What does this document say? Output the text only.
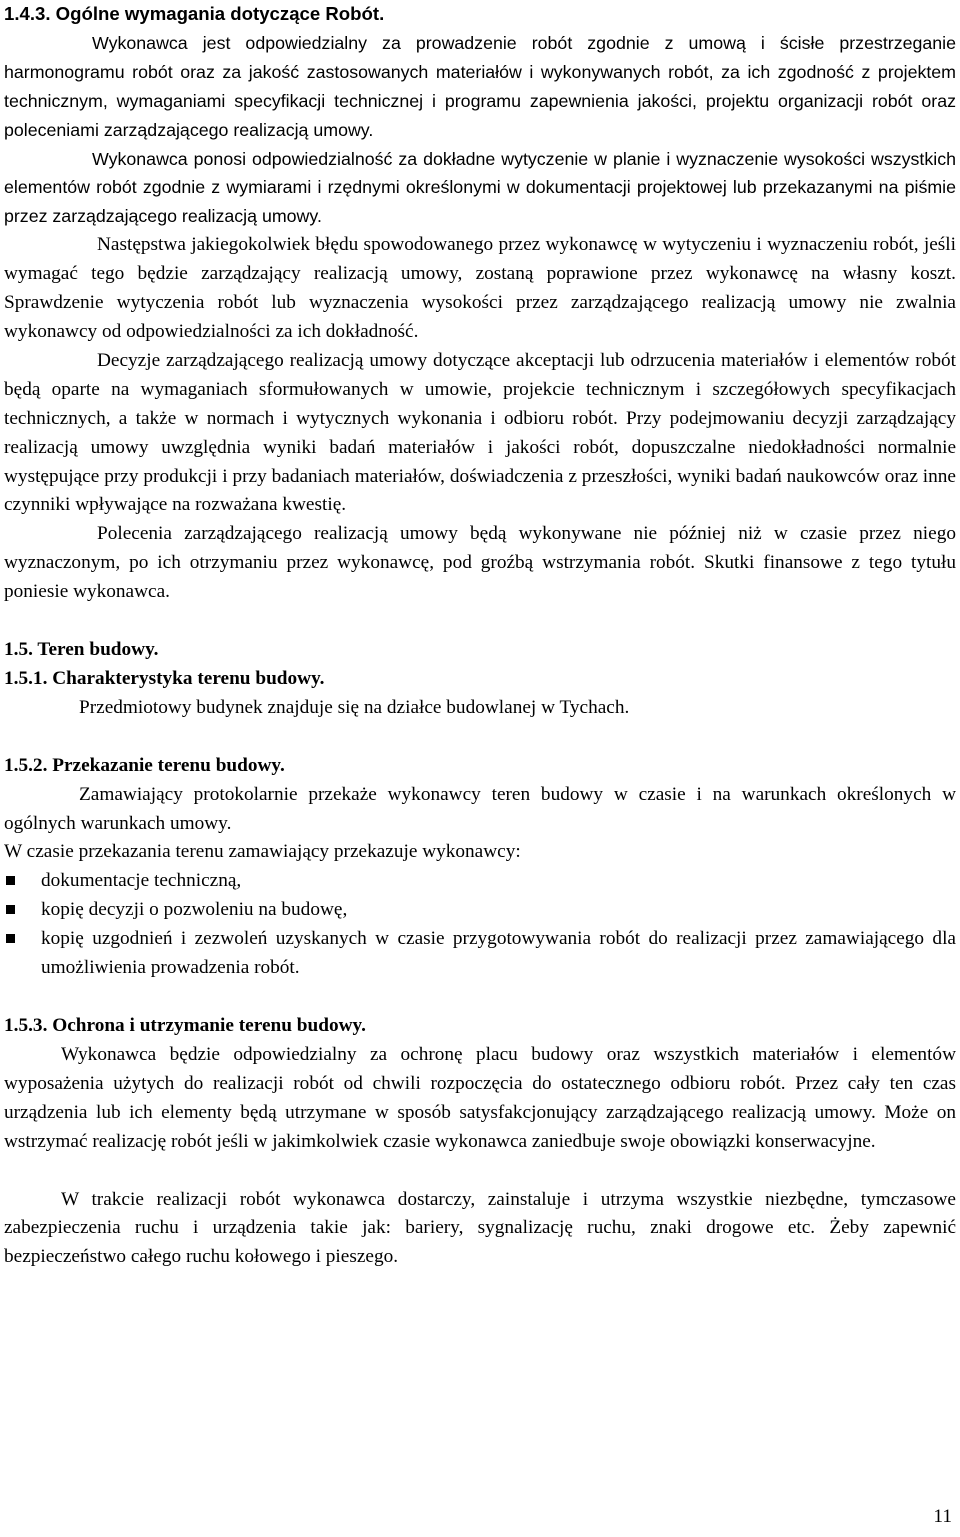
1.4.3. Ogólne wymagania dotyczące Robót.

Wykonawca jest odpowiedzialny za prowadzenie robót zgodnie z umową i ścisłe przestrzeganie harmonogramu robót oraz za jakość zastosowanych materiałów i wykonywanych robót, za ich zgodność z projektem technicznym, wymaganiami specyfikacji technicznej i programu zapewnienia jakości, projektu organizacji robót oraz poleceniami zarządzającego realizacją umowy.

Wykonawca ponosi odpowiedzialność za dokładne wytyczenie w planie i wyznaczenie wysokości wszystkich elementów robót zgodnie z wymiarami i rzędnymi określonymi w dokumentacji projektowej lub przekazanymi na piśmie przez zarządzającego realizacją umowy.

Następstwa jakiegokolwiek błędu spowodowanego przez wykonawcę w wytyczeniu i wyznaczeniu robót, jeśli wymagać tego będzie zarządzający realizacją umowy, zostaną poprawione przez wykonawcę na własny koszt. Sprawdzenie wytyczenia robót lub wyznaczenia wysokości przez zarządzającego realizacją umowy nie zwalnia wykonawcy od odpowiedzialności za ich dokładność.

Decyzje zarządzającego realizacją umowy dotyczące akceptacji lub odrzucenia materiałów i elementów robót będą oparte na wymaganiach sformułowanych w umowie, projekcie technicznym i szczegółowych specyfikacjach technicznych, a także w normach i wytycznych wykonania i odbioru robót. Przy podejmowaniu decyzji zarządzający realizacją umowy uwzględnia wyniki badań materiałów i jakości robót, dopuszczalne niedokładności normalnie występujące przy produkcji i przy badaniach materiałów, doświadczenia z przeszłości, wyniki badań naukowców oraz inne czynniki wpływające na rozważana kwestię.

Polecenia zarządzającego realizacją umowy będą wykonywane nie później niż w czasie przez niego wyznaczonym, po ich otrzymaniu przez wykonawcę, pod groźbą wstrzymania robót. Skutki finansowe z tego tytułu poniesie wykonawca.

1.5. Teren budowy.
1.5.1. Charakterystyka terenu budowy.

Przedmiotowy budynek znajduje się na działce budowlanej w Tychach.

1.5.2. Przekazanie terenu budowy.

Zamawiający protokolarnie przekaże wykonawcy teren budowy w czasie i na warunkach określonych w ogólnych warunkach umowy.

W czasie przekazania terenu zamawiający przekazuje wykonawcy:

dokumentacje techniczną,
kopię decyzji o pozwoleniu na budowę,
kopię uzgodnień i zezwoleń uzyskanych w czasie przygotowywania robót do realizacji przez zamawiającego dla umożliwienia prowadzenia robót.
1.5.3. Ochrona i utrzymanie terenu budowy.

Wykonawca będzie odpowiedzialny za ochronę placu budowy oraz wszystkich materiałów i elementów wyposażenia użytych do realizacji robót od chwili rozpoczęcia do ostatecznego odbioru robót. Przez cały ten czas urządzenia lub ich elementy będą utrzymane w sposób satysfakcjonujący zarządzającego realizacją umowy. Może on wstrzymać realizację robót jeśli w jakimkolwiek czasie wykonawca zaniedbuje swoje obowiązki konserwacyjne.

W trakcie realizacji robót wykonawca dostarczy, zainstaluje i utrzyma wszystkie niezbędne, tymczasowe zabezpieczenia ruchu i urządzenia takie jak: bariery, sygnalizację ruchu, znaki drogowe etc. Żeby zapewnić bezpieczeństwo całego ruchu kołowego i pieszego.

11
